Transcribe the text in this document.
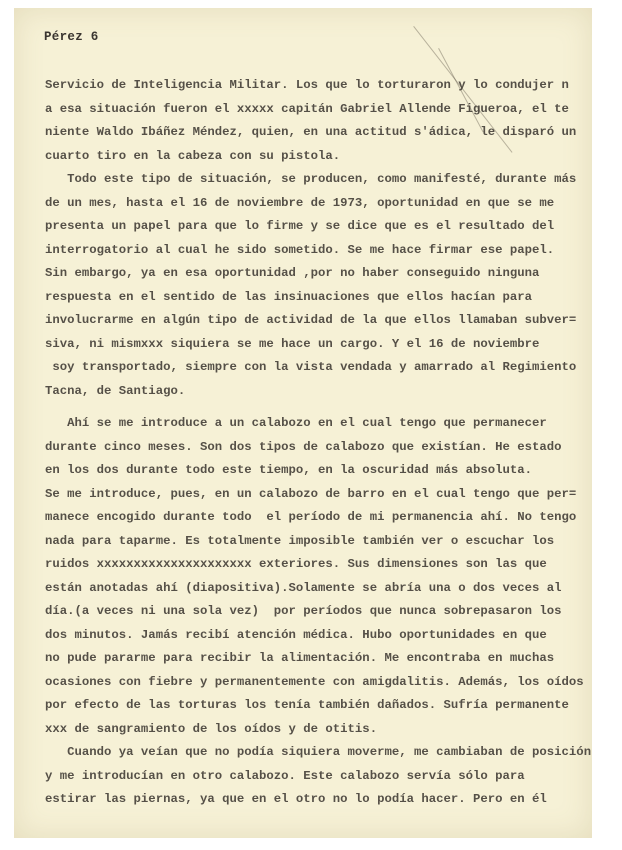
Pérez 6
Servicio de Inteligencia Militar. Los que lo torturaron y lo condujer n
a esa situación fueron el xxxxx capitán Gabriel Allende Figueroa, el te
niente Waldo Ibáñez Méndez, quien, en una actitud s'ádica, le disparó un
cuarto tiro en la cabeza con su pistola.
Todo este tipo de situación, se producen, como manifesté, durante más
de un mes, hasta el 16 de noviembre de 1973, oportunidad en que se me
presenta un papel para que lo firme y se dice que es el resultado del
interrogatorio al cual he sido sometido. Se me hace firmar ese papel.
Sin embargo, ya en esa oportunidad ,por no haber conseguido ninguna
respuesta en el sentido de las insinuaciones que ellos hacían para
involucrarme en algún tipo de actividad de la que ellos llamaban subver=
siva, ni mismxxx siquiera se me hace un cargo. Y el 16 de noviembre
soy transportado, siempre con la vista vendada y amarrado al Regimiento
Tacna, de Santiago.
Ahí se me introduce a un calabozo en el cual tengo que permanecer
durante cinco meses. Son dos tipos de calabozo que existían. He estado
en los dos durante todo este tiempo, en la oscuridad más absoluta.
Se me introduce, pues, en un calabozo de barro en el cual tengo que per=
manece encogido durante todo  el período de mi permanencia ahí. No tengo
nada para taparme. Es totalmente imposible también ver o escuchar los
ruidos xxxxxxxxxxxxxxxxxxxxx exteriores. Sus dimensiones son las que
están anotadas ahí (diapositiva).Solamente se abría una o dos veces al
día.(a veces ni una sola vez)  por períodos que nunca sobrepasaron los
dos minutos. Jamás recibí atención médica. Hubo oportunidades en que
no pude pararme para recibir la alimentación. Me encontraba en muchas
ocasiones con fiebre y permanentemente con amigdalitis. Además, los oídos
por efecto de las torturas los tenía también dañados. Sufría permanente
xxx de sangramiento de los oídos y de otitis.
Cuando ya veían que no podía siquiera moverme, me cambiaban de posición
y me introducían en otro calabozo. Este calabozo servía sólo para
estirar las piernas, ya que en el otro no lo podía hacer. Pero en él
